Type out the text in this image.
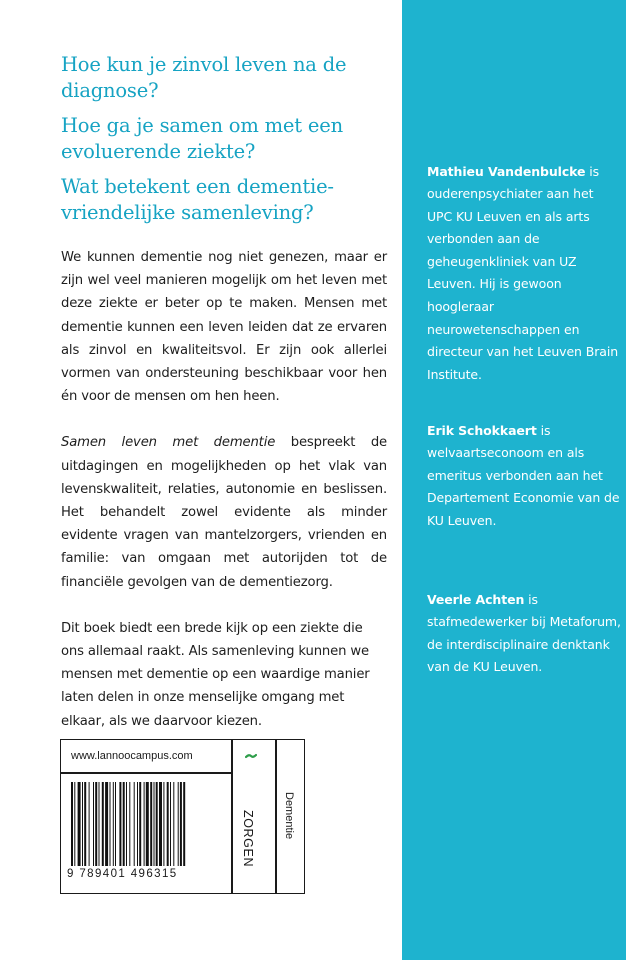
Hoe kun je zinvol leven na de diagnose?

Hoe ga je samen om met een evoluerende ziekte?

Wat betekent een dementie-vriendelijke samenleving?

We kunnen dementie nog niet genezen, maar er zijn wel veel manieren mogelijk om het leven met deze ziekte er beter op te maken. Mensen met dementie kunnen een leven leiden dat ze ervaren als zinvol en kwaliteitsvol. Er zijn ook allerlei vormen van ondersteuning beschikbaar voor hen én voor de mensen om hen heen.

Samen leven met dementie bespreekt de uitdagingen en mogelijkheden op het vlak van levenskwaliteit, relaties, autonomie en beslissen. Het behandelt zowel evidente als minder evidente vragen van mantelzorgers, vrienden en familie: van omgaan met autorijden tot de financiële gevolgen van de dementiezorg.

Dit boek biedt een brede kijk op een ziekte die ons allemaal raakt. Als samenleving kunnen we mensen met dementie op een waardige manier laten delen in onze menselijke omgang met elkaar, als we daarvoor kiezen.

www.lannoocampus.com
9 789401 496315
ZORGEN	Dementie

Mathieu Vandenbulcke is ouderenpsychiater aan het UPC KU Leuven en als arts verbonden aan de geheugenkliniek van UZ Leuven. Hij is gewoon hoogleraar neurowetenschappen en directeur van het Leuven Brain Institute.

Erik Schokkaert is welvaartseconoom en als emeritus verbonden aan het Departement Economie van de KU Leuven.

Veerle Achten is stafmedewerker bij Metaforum, de interdisciplinaire denktank van de KU Leuven.
